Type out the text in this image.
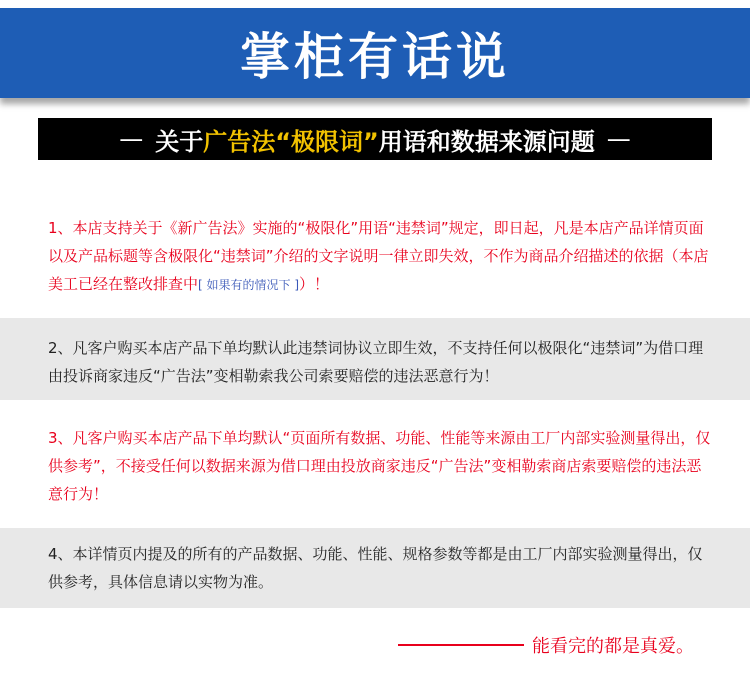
掌柜有话说
— 关于 广告法“极限词” 用语和数据来源问题 —
1、本店支持关于《新广告法》实施的“极限化”用语“违禁词”规定，即日起，凡是本店产品详情页面以及产品标题等含极限化“违禁词”介绍的文字说明一律立即失效，不作为商品介绍描述的依据（本店美工已经在整改排查中[ 如果有的情况下 ]）！
2、凡客户购买本店产品下单均默认此违禁词协议立即生效，不支持任何以极限化“违禁词”为借口理由投诉商家违反“广告法”变相勒索我公司索要赔偿的违法恶意行为！
3、凡客户购买本店产品下单均默认“页面所有数据、功能、性能等来源由工厂内部实验测量得出，仅供参考”，不接受任何以数据来源为借口理由投放商家违反“广告法”变相勒索商店索要赔偿的违法恶意行为！
4、本详情页内提及的所有的产品数据、功能、性能、规格参数等都是由工厂内部实验测量得出，仅供参考，具体信息请以实物为准。
能看完的都是真爱。
